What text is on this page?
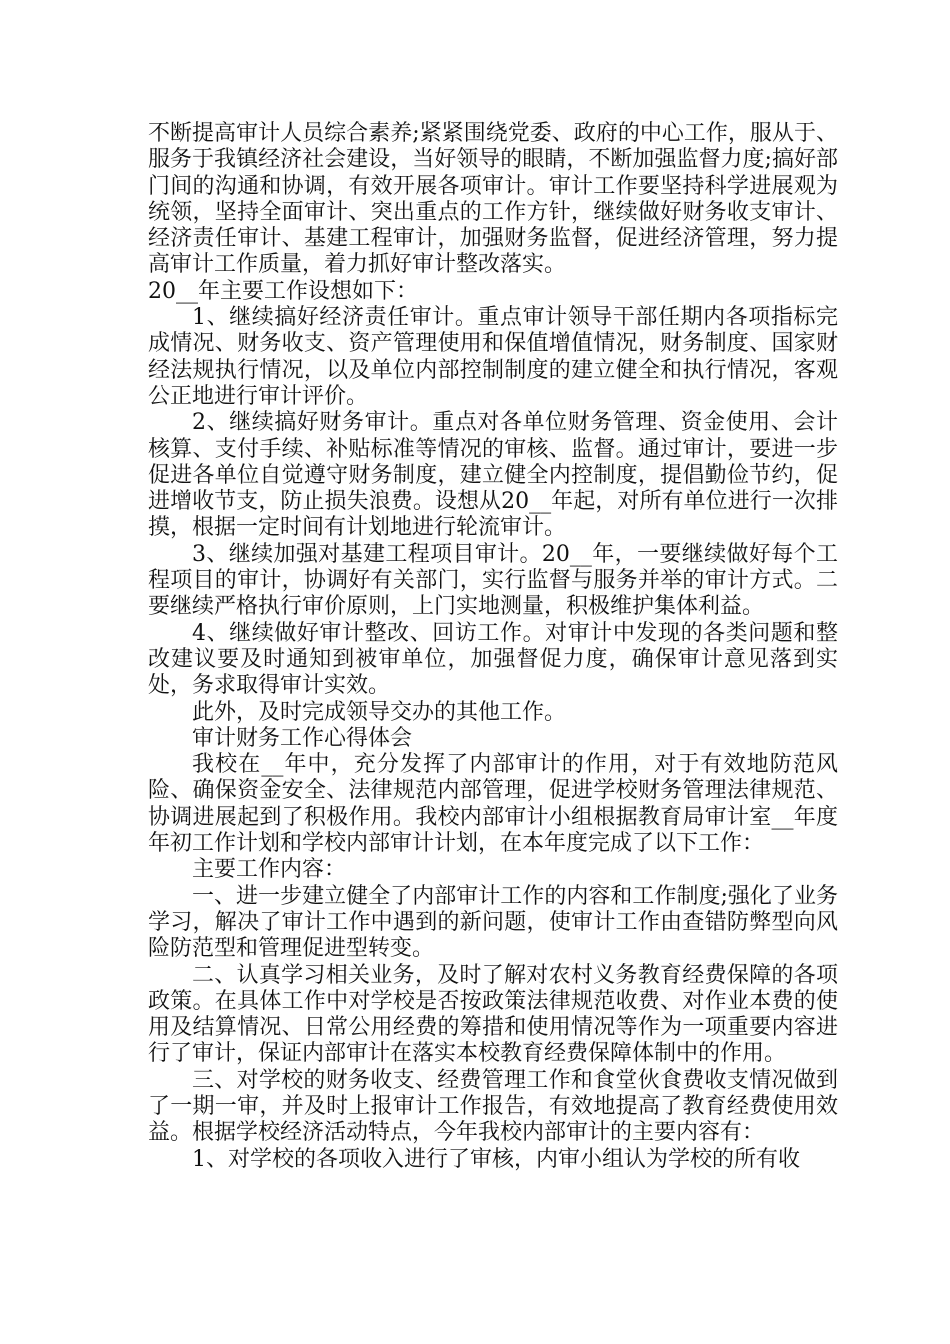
不断提高审计人员综合素养;紧紧围绕党委、政府的中心工作，服从于、服务于我镇经济社会建设，当好领导的眼睛，不断加强监督力度;搞好部门间的沟通和协调，有效开展各项审计。审计工作要坚持科学进展观为统领，坚持全面审计、突出重点的工作方针，继续做好财务收支审计、经济责任审计、基建工程审计，加强财务监督，促进经济管理，努力提高审计工作质量，着力抓好审计整改落实。

20__年主要工作设想如下：

1、继续搞好经济责任审计。重点审计领导干部任期内各项指标完成情况、财务收支、资产管理使用和保值增值情况，财务制度、国家财经法规执行情况，以及单位内部控制制度的建立健全和执行情况，客观公正地进行审计评价。

2、继续搞好财务审计。重点对各单位财务管理、资金使用、会计核算、支付手续、补贴标准等情况的审核、监督。通过审计，要进一步促进各单位自觉遵守财务制度，建立健全内控制度，提倡勤俭节约，促进增收节支，防止损失浪费。设想从20__年起，对所有单位进行一次排摸，根据一定时间有计划地进行轮流审计。

3、继续加强对基建工程项目审计。20__年，一要继续做好每个工程项目的审计，协调好有关部门，实行监督与服务并举的审计方式。二要继续严格执行审价原则，上门实地测量，积极维护集体利益。

4、继续做好审计整改、回访工作。对审计中发现的各类问题和整改建议要及时通知到被审单位，加强督促力度，确保审计意见落到实处，务求取得审计实效。

此外，及时完成领导交办的其他工作。

审计财务工作心得体会

我校在__年中，充分发挥了内部审计的作用，对于有效地防范风险、确保资金安全、法律规范内部管理，促进学校财务管理法律规范、协调进展起到了积极作用。我校内部审计小组根据教育局审计室__年度年初工作计划和学校内部审计计划，在本年度完成了以下工作：

主要工作内容：

一、进一步建立健全了内部审计工作的内容和工作制度;强化了业务学习，解决了审计工作中遇到的新问题，使审计工作由查错防弊型向风险防范型和管理促进型转变。

二、认真学习相关业务，及时了解对农村义务教育经费保障的各项政策。在具体工作中对学校是否按政策法律规范收费、对作业本费的使用及结算情况、日常公用经费的筹措和使用情况等作为一项重要内容进行了审计，保证内部审计在落实本校教育经费保障体制中的作用。

三、对学校的财务收支、经费管理工作和食堂伙食费收支情况做到了一期一审，并及时上报审计工作报告，有效地提高了教育经费使用效益。根据学校经济活动特点，今年我校内部审计的主要内容有：

1、对学校的各项收入进行了审核，内审小组认为学校的所有收
